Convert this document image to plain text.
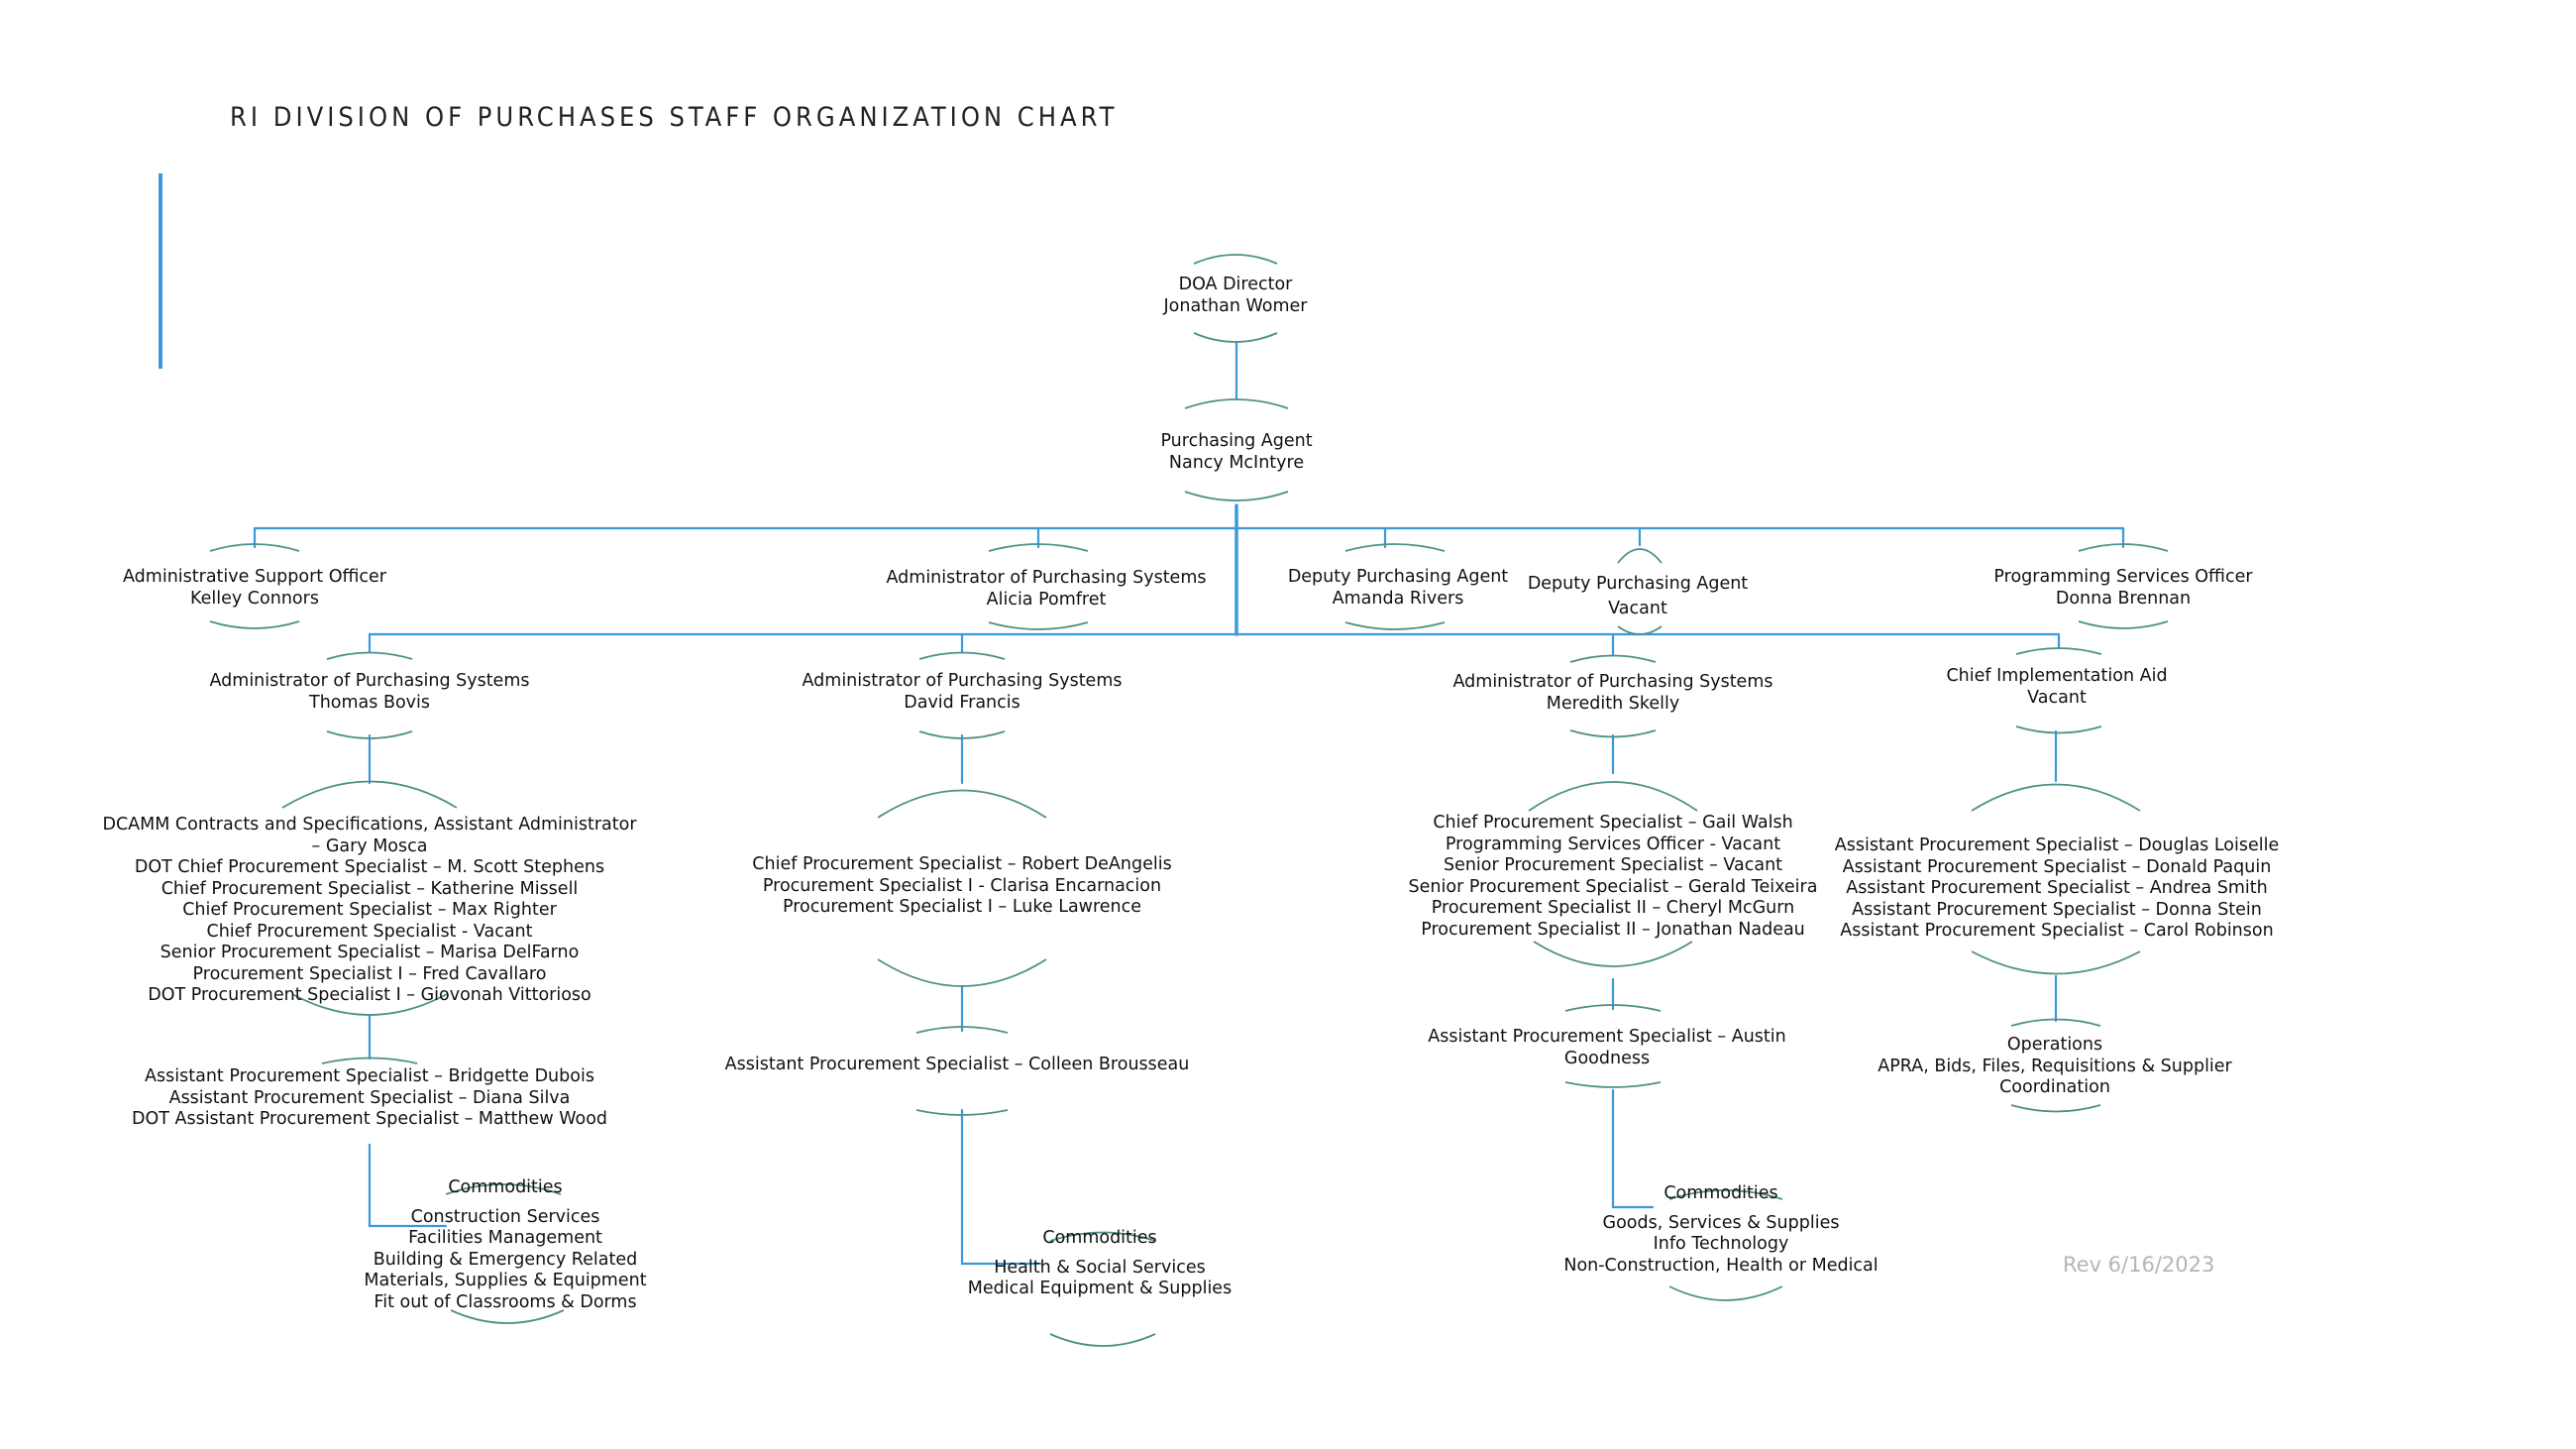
RI DIVISION OF PURCHASES STAFF ORGANIZATION CHART
DOA Director
Jonathan Womer
Purchasing Agent
Nancy McIntyre
Administrative Support Officer
Kelley Connors
Administrator of Purchasing Systems
Alicia Pomfret
Deputy Purchasing Agent
Amanda Rivers
Deputy Purchasing Agent
Vacant
Programming Services Officer
Donna Brennan
Administrator of Purchasing Systems
Thomas Bovis
Administrator of Purchasing Systems
David Francis
Administrator of Purchasing Systems
Meredith Skelly
Chief Implementation Aid
Vacant
DCAMM Contracts and Specifications, Assistant Administrator
– Gary Mosca
DOT Chief Procurement Specialist – M. Scott Stephens
Chief Procurement Specialist – Katherine Missell
Chief Procurement Specialist – Max Righter
Chief Procurement Specialist - Vacant
Senior Procurement Specialist – Marisa DelFarno
Procurement Specialist I – Fred Cavallaro
DOT Procurement Specialist I – Giovonah Vittorioso
Chief Procurement Specialist – Robert DeAngelis
Procurement Specialist I - Clarisa Encarnacion
Procurement Specialist I – Luke Lawrence
Chief Procurement Specialist – Gail Walsh
Programming Services Officer - Vacant
Senior Procurement Specialist – Vacant
Senior Procurement Specialist – Gerald Teixeira
Procurement Specialist II – Cheryl McGurn
Procurement Specialist II – Jonathan Nadeau
Assistant Procurement Specialist – Douglas Loiselle
Assistant Procurement Specialist – Donald Paquin
Assistant Procurement Specialist – Andrea Smith
Assistant Procurement Specialist – Donna Stein
Assistant Procurement Specialist – Carol Robinson
Assistant Procurement Specialist – Bridgette Dubois
Assistant Procurement Specialist – Diana Silva
DOT Assistant Procurement Specialist – Matthew Wood
Assistant Procurement Specialist – Colleen Brousseau
Assistant Procurement Specialist – Austin
Goodness
Operations
APRA, Bids, Files, Requisitions & Supplier
Coordination
Commodities
Construction Services
Facilities Management
Building & Emergency Related
Materials, Supplies & Equipment
Fit out of Classrooms & Dorms
Commodities
Health & Social Services
Medical Equipment & Supplies
Commodities
Goods, Services & Supplies
Info Technology
Non-Construction, Health or Medical	Rev 6/16/2023
